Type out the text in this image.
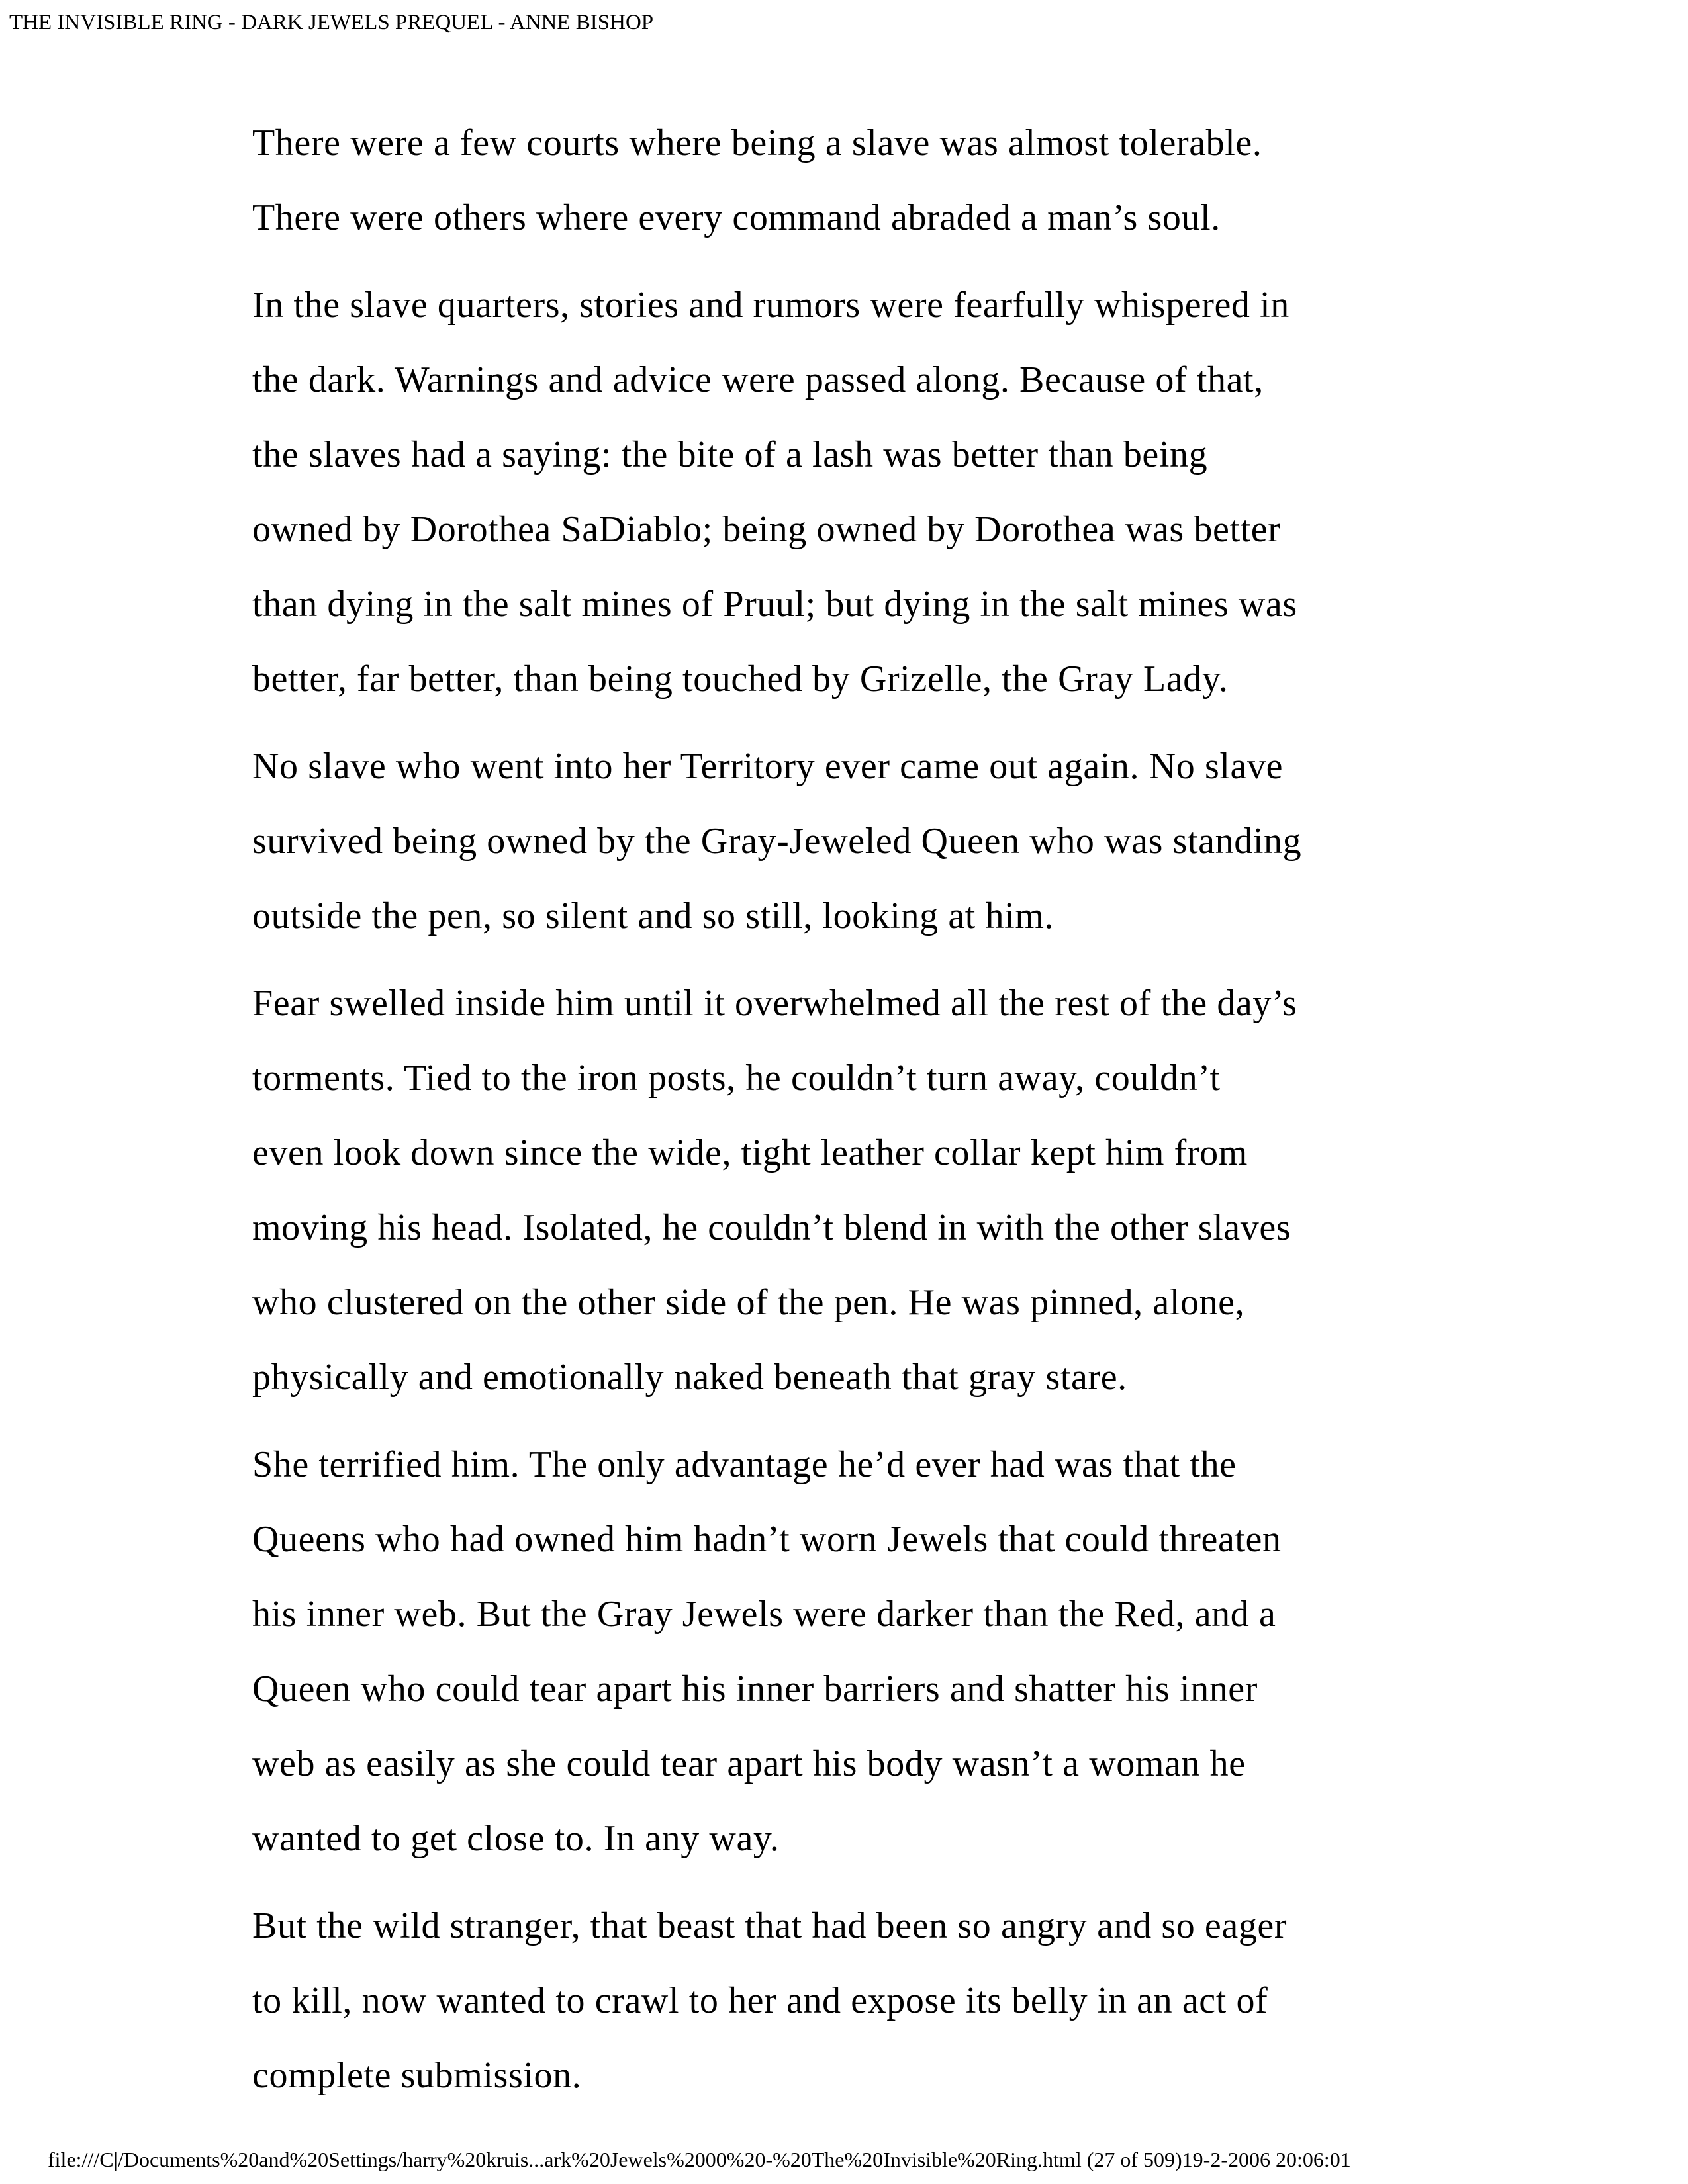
THE INVISIBLE RING - DARK JEWELS PREQUEL - ANNE BISHOP

There were a few courts where being a slave was almost tolerable.
There were others where every command abraded a man’s soul.

In the slave quarters, stories and rumors were fearfully whispered in
the dark. Warnings and advice were passed along. Because of that,
the slaves had a saying: the bite of a lash was better than being
owned by Dorothea SaDiablo; being owned by Dorothea was better
than dying in the salt mines of Pruul; but dying in the salt mines was
better, far better, than being touched by Grizelle, the Gray Lady.

No slave who went into her Territory ever came out again. No slave
survived being owned by the Gray-Jeweled Queen who was standing
outside the pen, so silent and so still, looking at him.

Fear swelled inside him until it overwhelmed all the rest of the day’s
torments. Tied to the iron posts, he couldn’t turn away, couldn’t
even look down since the wide, tight leather collar kept him from
moving his head. Isolated, he couldn’t blend in with the other slaves
who clustered on the other side of the pen. He was pinned, alone,
physically and emotionally naked beneath that gray stare.

She terrified him. The only advantage he’d ever had was that the
Queens who had owned him hadn’t worn Jewels that could threaten
his inner web. But the Gray Jewels were darker than the Red, and a
Queen who could tear apart his inner barriers and shatter his inner
web as easily as she could tear apart his body wasn’t a woman he
wanted to get close to. In any way.

But the wild stranger, that beast that had been so angry and so eager
to kill, now wanted to crawl to her and expose its belly in an act of
complete submission.

file:///C|/Documents%20and%20Settings/harry%20kruis...ark%20Jewels%2000%20-%20The%20Invisible%20Ring.html (27 of 509)19-2-2006 20:06:01
